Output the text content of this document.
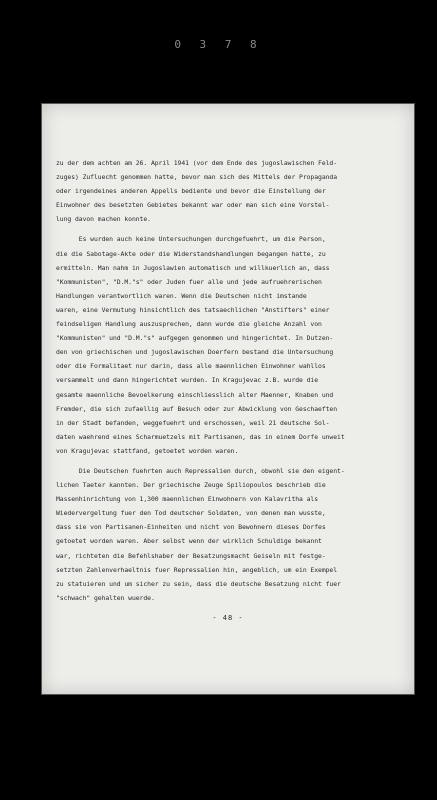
0 3 7 8
zu der dem achten am 26. April 1941 (vor dem Ende des jugoslawischen Feld-
zuges) Zufluecht genommen hatte, bevor man sich des Mittels der Propaganda
oder irgendeines anderen Appells bediente und bevor die Einstellung der
Einwohner des besetzten Gebietes bekannt war oder man sich eine Vorstel-
lung davon machen konnte.
Es wurden auch keine Untersuchungen durchgefuehrt, um die Person,
die die Sabotage-Akte oder die Widerstandshandlungen begangen hatte, zu
ermitteln. Man nahm in Jugoslawien automatisch und willkuerlich an, dass
"Kommunisten", "D.M."s" oder Juden fuer alle und jede aufruehrerischen
Handlungen verantwortlich waren. Wenn die Deutschen nicht imstande
waren, eine Vermutung hinsichtlich des tatsaechlichen "Anstifters" einer
feindseligen Handlung auszusprechen, dann wurde die gleiche Anzahl von
"Kommunisten" und "D.M."s" aufgegen genommen und hingerichtet. In Dutzen-
den von griechischen und jugoslawischen Doerfern bestand die Untersuchung
oder die Formalitaet nur darin, dass alle maennlichen Einwohner wahllos
versammelt und dann hingerichtet wurden. In Kragujevac z.B. wurde die
gesamte maennliche Bevoelkerung einschliesslich alter Maenner, Knaben und
Fremder, die sich zufaellig auf Besuch oder zur Abwicklung von Geschaeften
in der Stadt befanden, weggefuehrt und erschossen, weil 21 deutsche Sol-
daten waehrend eines Scharmuetzels mit Partisanen, das in einem Dorfe unweit
von Kragujevac stattfand, getoetet worden waren.
Die Deutschen fuehrten auch Repressalien durch, obwohl sie den eigent-
lichen Taeter kannten. Der griechische Zeuge Spiliopoulos beschrieb die
Massenhinrichtung von 1,300 maennlichen Einwohnern von Kalavritha als
Wiedervergeltung fuer den Tod deutscher Soldaten, von denen man wusste,
dass sie von Partisanen-Einheiten und nicht von Bewohnern dieses Dorfes
getoetet worden waren. Aber selbst wenn der wirklich Schuldige bekannt
war, richteten die Befehlshaber der Besatzungsmacht Geiseln mit festge-
setzten Zahlenverhaeltnis fuer Repressalien hin, angeblich, um ein Exempel
zu statuieren und um sicher zu sein, dass die deutsche Besatzung nicht fuer
"schwach" gehalten wuerde.
- 48 -
